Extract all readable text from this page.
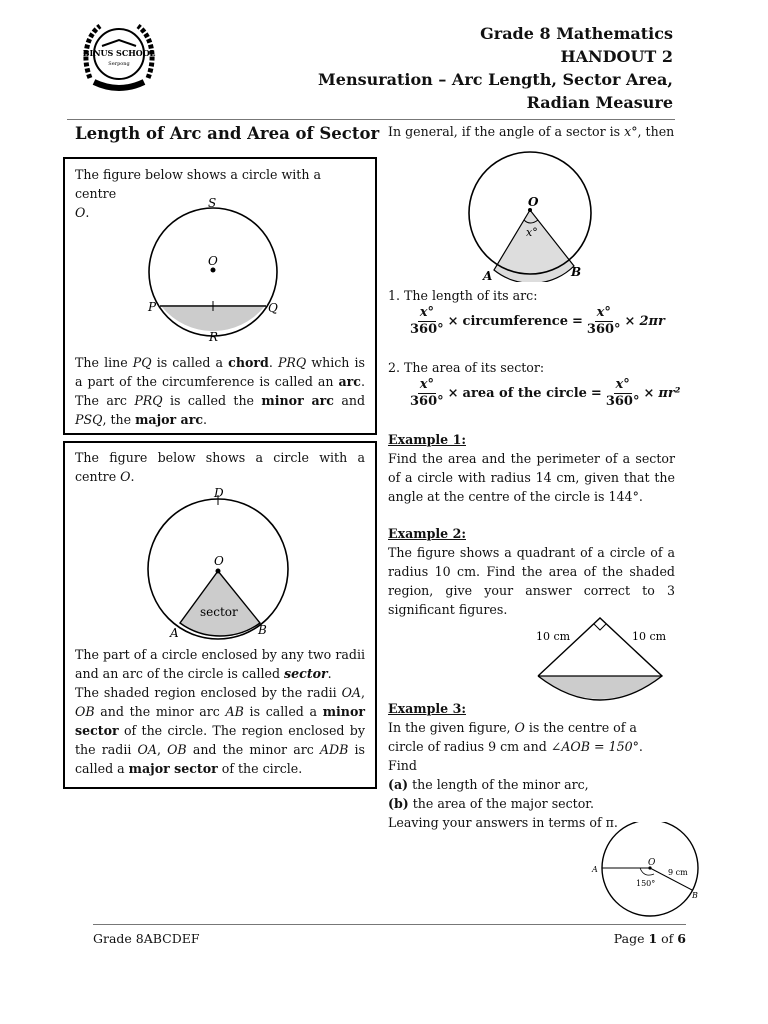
BINUS SCHOOL
Serpong
Grade 8 Mathematics
HANDOUT 2
Mensuration – Arc Length, Sector Area,
Radian Measure
Length of Arc and Area of Sector
The figure below shows a circle with a centre
O.
S
O
P	Q
R
The line PQ is called a chord. PRQ which is a part of the circumference is called an arc. The arc PRQ is called the minor arc and PSQ, the major arc.
The figure below shows a circle with a centre O.
D
O
A	B
sector
The part of a circle enclosed by any two radii and an arc of the circle is called sector.
The shaded region enclosed by the radii OA, OB and the minor arc AB is called a minor sector of the circle. The region enclosed by the radii OA, OB and the minor arc ADB is called a major sector of the circle.
In general, if the angle of a sector is x°, then
O
x°
A	B
1. The length of its arc:
$\frac{x^\circ}{360^\circ}$ × circumference = $\frac{x^\circ}{360^\circ} \times 2\pi r$
2. The area of its sector:
$\frac{x^\circ}{360^\circ}$ × area of the circle = $\frac{x^\circ}{360^\circ} \times \pi r^2$
Example 1:
Find the area and the perimeter of a sector of a circle with radius 14 cm, given that the angle at the centre of the circle is 144°.
Example 2:
The figure shows a quadrant of a circle of a radius 10 cm. Find the area of the shaded region, give your answer correct to 3 significant figures.
10 cm	10 cm
Example 3:
In the given figure, O is the centre of a circle of radius 9 cm and ∠AOB = 150°.
Find
(a) the length of the minor arc,
(b) the area of the major sector.
Leaving your answers in terms of π.
A
O
9 cm
150°
B
Grade 8ABCDEF	Page 1 of 6
